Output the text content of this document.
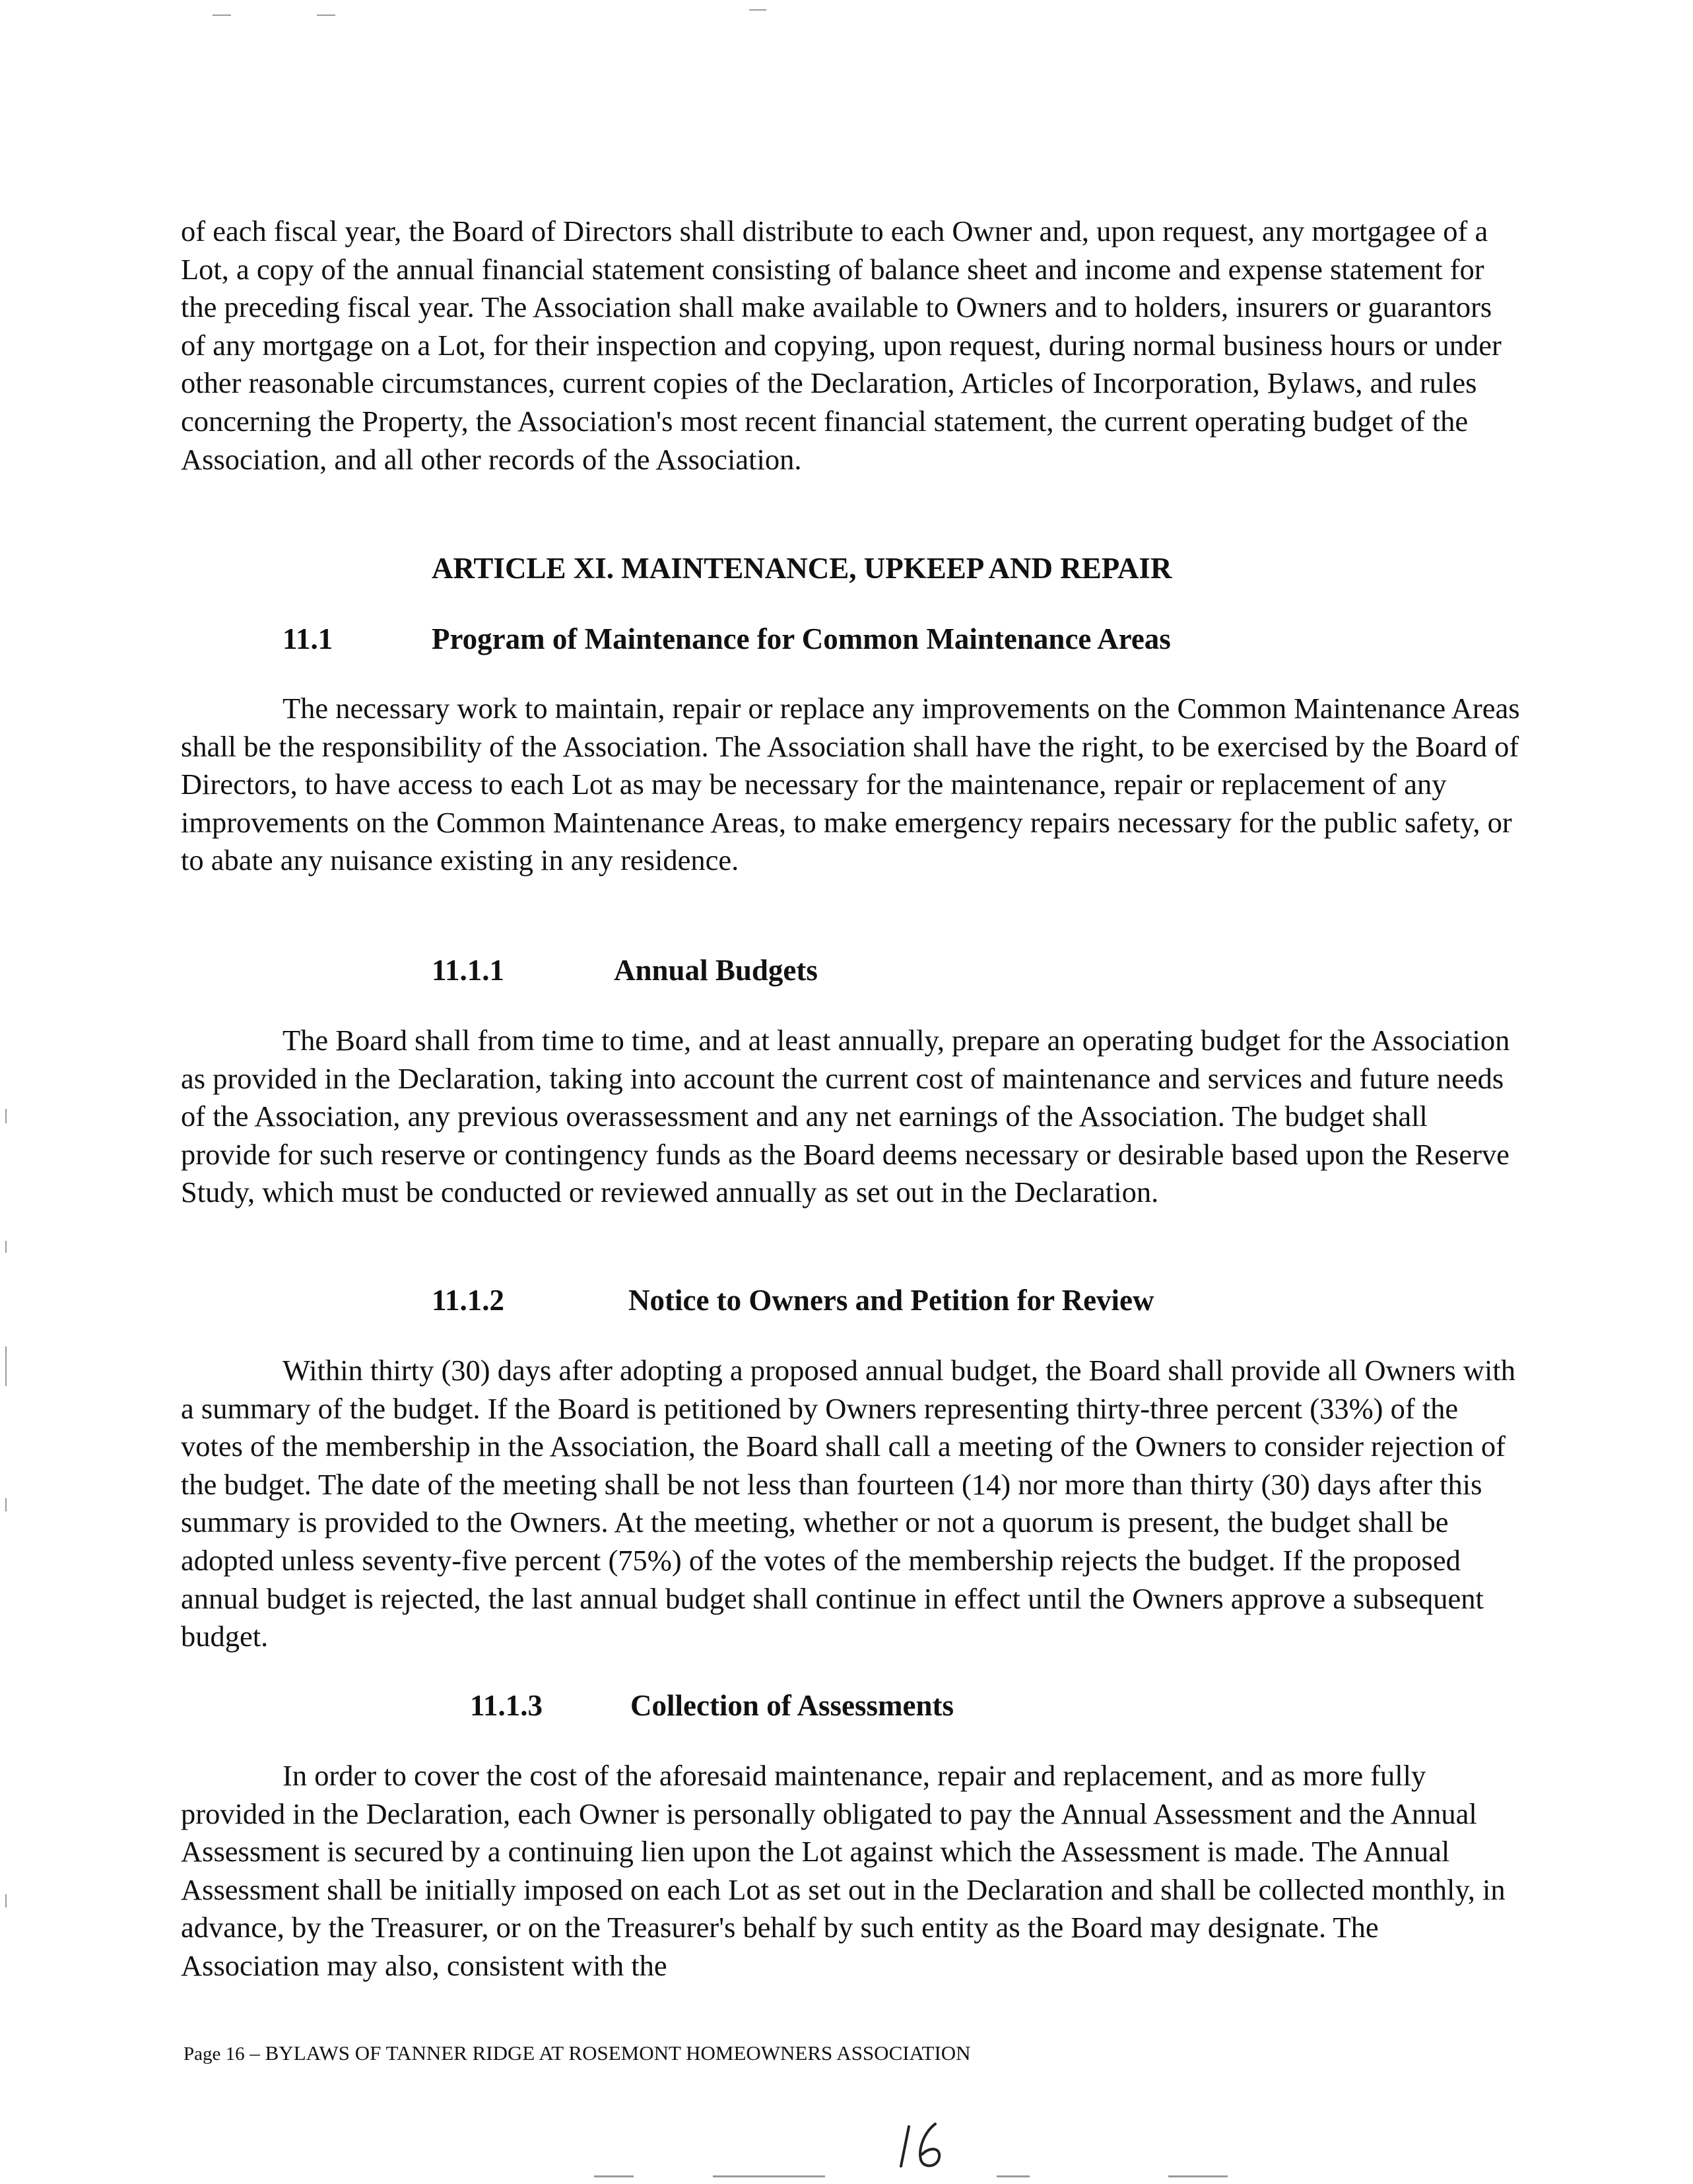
of each fiscal year, the Board of Directors shall distribute to each Owner and, upon request, any mortgagee of a Lot, a copy of the annual financial statement consisting of balance sheet and income and expense statement for the preceding fiscal year. The Association shall make available to Owners and to holders, insurers or guarantors of any mortgage on a Lot, for their inspection and copying, upon request, during normal business hours or under other reasonable circumstances, current copies of the Declaration, Articles of Incorporation, Bylaws, and rules concerning the Property, the Association's most recent financial statement, the current operating budget of the Association, and all other records of the Association.

ARTICLE XI. MAINTENANCE, UPKEEP AND REPAIR
11.1	Program of Maintenance for Common Maintenance Areas

The necessary work to maintain, repair or replace any improvements on the Common Maintenance Areas shall be the responsibility of the Association. The Association shall have the right, to be exercised by the Board of Directors, to have access to each Lot as may be necessary for the maintenance, repair or replacement of any improvements on the Common Maintenance Areas, to make emergency repairs necessary for the public safety, or to abate any nuisance existing in any residence.

11.1.1	Annual Budgets

The Board shall from time to time, and at least annually, prepare an operating budget for the Association as provided in the Declaration, taking into account the current cost of maintenance and services and future needs of the Association, any previous overassessment and any net earnings of the Association. The budget shall provide for such reserve or contingency funds as the Board deems necessary or desirable based upon the Reserve Study, which must be conducted or reviewed annually as set out in the Declaration.

11.1.2	Notice to Owners and Petition for Review

Within thirty (30) days after adopting a proposed annual budget, the Board shall provide all Owners with a summary of the budget. If the Board is petitioned by Owners representing thirty-three percent (33%) of the votes of the membership in the Association, the Board shall call a meeting of the Owners to consider rejection of the budget. The date of the meeting shall be not less than fourteen (14) nor more than thirty (30) days after this summary is provided to the Owners. At the meeting, whether or not a quorum is present, the budget shall be adopted unless seventy-five percent (75%) of the votes of the membership rejects the budget. If the proposed annual budget is rejected, the last annual budget shall continue in effect until the Owners approve a subsequent budget.

11.1.3	Collection of Assessments

In order to cover the cost of the aforesaid maintenance, repair and replacement, and as more fully provided in the Declaration, each Owner is personally obligated to pay the Annual Assessment and the Annual Assessment is secured by a continuing lien upon the Lot against which the Assessment is made. The Annual Assessment shall be initially imposed on each Lot as set out in the Declaration and shall be collected monthly, in advance, by the Treasurer, or on the Treasurer's behalf by such entity as the Board may designate. The Association may also, consistent with the

Page 16 – BYLAWS OF TANNER RIDGE AT ROSEMONT HOMEOWNERS ASSOCIATION
